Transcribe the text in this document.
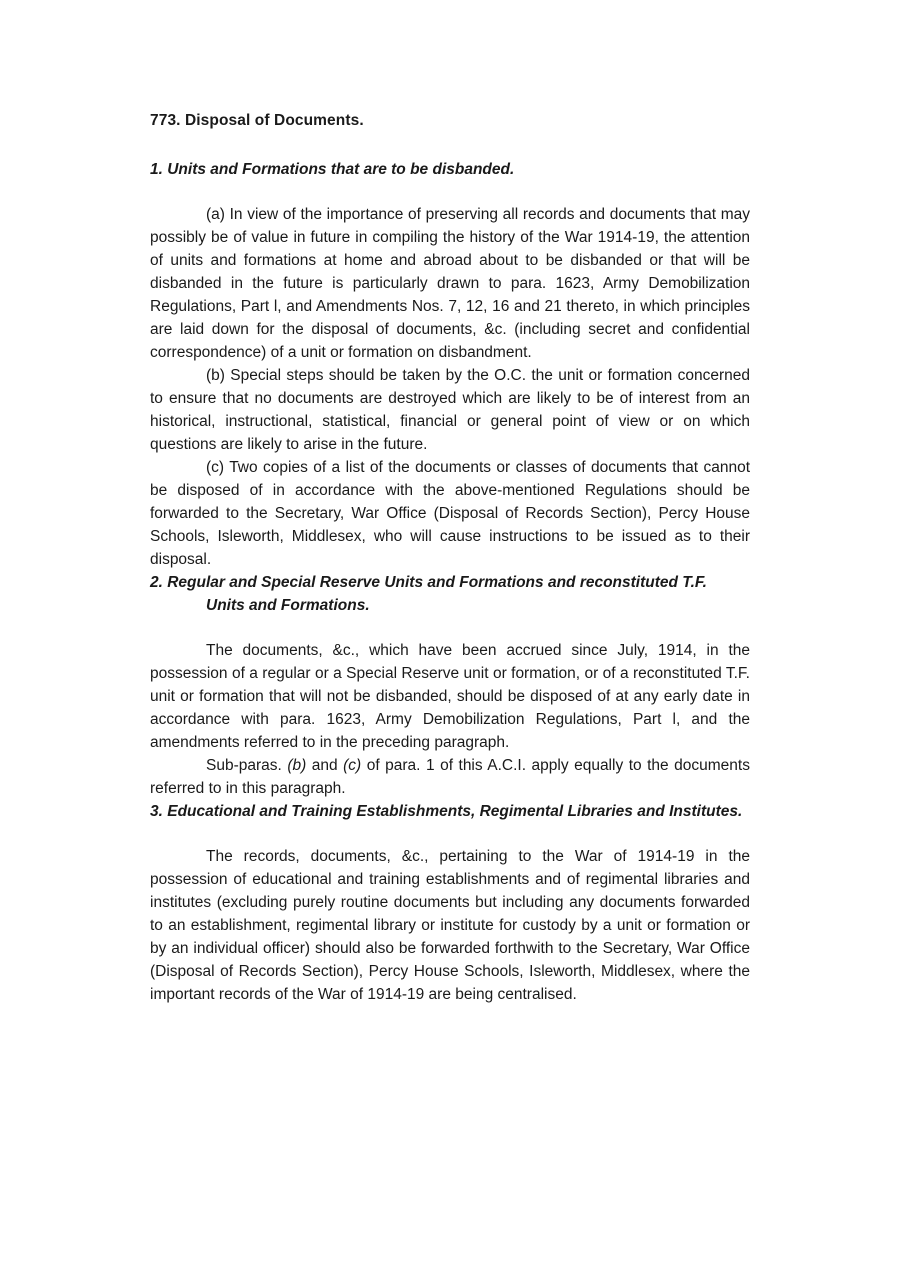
773. Disposal of Documents.
1. Units and Formations that are to be disbanded.

(a) In view of the importance of preserving all records and documents that may possibly be of value in future in compiling the history of the War 1914-19, the attention of units and formations at home and abroad about to be disbanded or that will be disbanded in the future is particularly drawn to para. 1623, Army Demobilization Regulations, Part l, and Amendments Nos. 7, 12, 16 and 21 thereto, in which principles are laid down for the disposal of documents, &c. (including secret and confidential correspondence) of a unit or formation on disbandment.

(b) Special steps should be taken by the O.C. the unit or formation concerned to ensure that no documents are destroyed which are likely to be of interest from an historical, instructional, statistical, financial or general point of view or on which questions are likely to arise in the future.

(c) Two copies of a list of the documents or classes of documents that cannot be disposed of in accordance with the above-mentioned Regulations should be forwarded to the Secretary, War Office (Disposal of Records Section), Percy House Schools, Isleworth, Middlesex, who will cause instructions to be issued as to their disposal.

2. Regular and Special Reserve Units and Formations and reconstituted T.F. Units and Formations.

The documents, &c., which have been accrued since July, 1914, in the possession of a regular or a Special Reserve unit or formation, or of a reconstituted T.F. unit or formation that will not be disbanded, should be disposed of at any early date in accordance with para. 1623, Army Demobilization Regulations, Part l, and the amendments referred to in the preceding paragraph.

Sub-paras. (b) and (c) of para. 1 of this A.C.I. apply equally to the documents referred to in this paragraph.

3. Educational and Training Establishments, Regimental Libraries and Institutes.

The records, documents, &c., pertaining to the War of 1914-19 in the possession of educational and training establishments and of regimental libraries and institutes (excluding purely routine documents but including any documents forwarded to an establishment, regimental library or institute for custody by a unit or formation or by an individual officer) should also be forwarded forthwith to the Secretary, War Office (Disposal of Records Section), Percy House Schools, Isleworth, Middlesex, where the important records of the War of 1914-19 are being centralised.
